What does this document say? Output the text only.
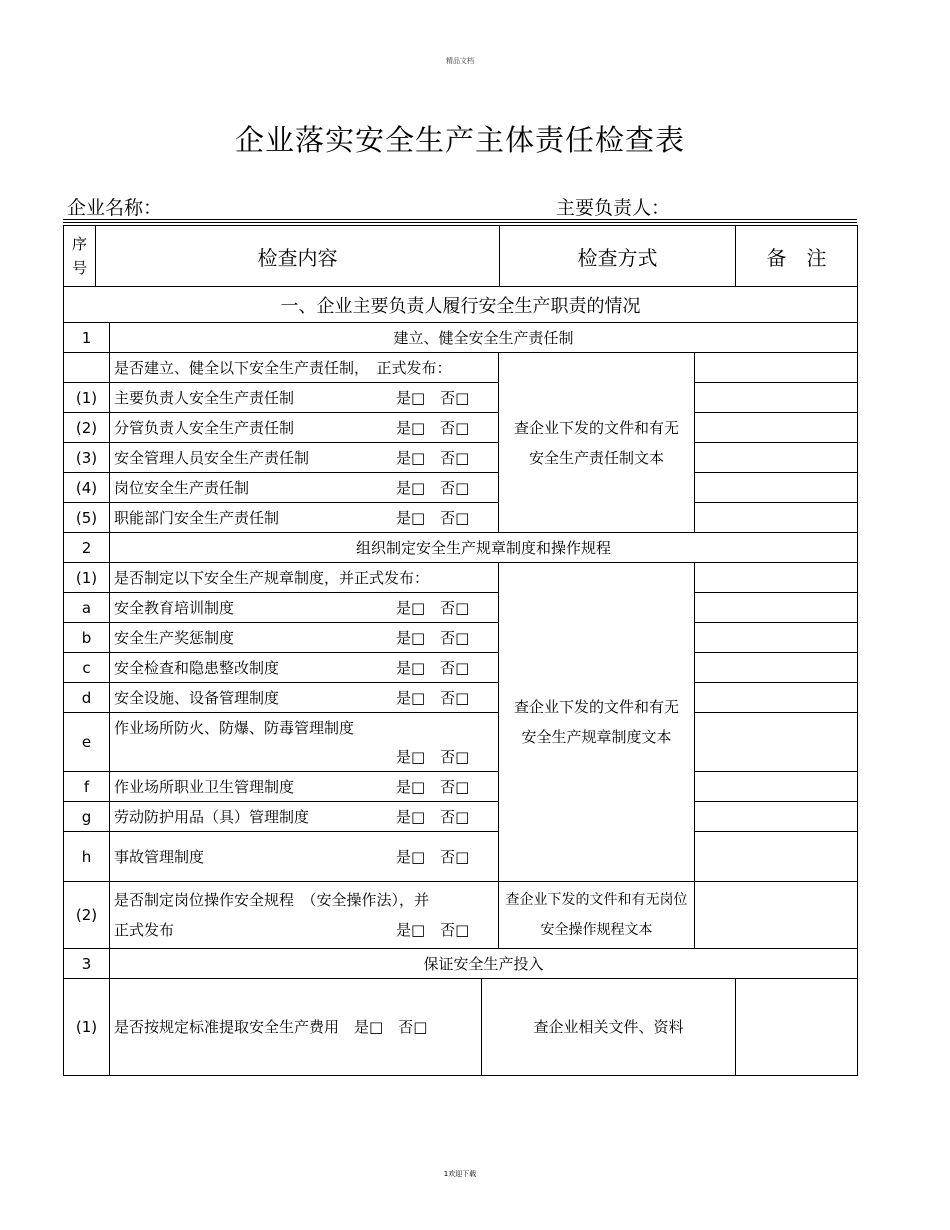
精品文档
企业落实安全生产主体责任检查表
企业名称：	主要负责人：
序号	检查内容	检查方式	备　注
一、企业主要负责人履行安全生产职责的情况			
1	建立、健全安全生产责任制		
	是否建立、健全以下安全生产责任制，　正式发布：	查企业下发的文件和有无安全生产责任制文本	
(1)	主要负责人安全生产责任制 是□　否□		

(2)	分管负责人安全生产责任制 是□　否□		

(3)	安全管理人员安全生产责任制 是□　否□		

(4)	岗位安全生产责任制 是□　否□		

(5)	职能部门安全生产责任制 是□　否□		

2	组织制定安全生产规章制度和操作规程		
(1)	是否制定以下安全生产规章制度，并正式发布：	查企业下发的文件和有无安全生产规章制度文本	
a	安全教育培训制度 是□　否□		

b	安全生产奖惩制度 是□　否□		

c	安全检查和隐患整改制度 是□　否□		

d	安全设施、设备管理制度 是□　否□		

e	作业场所防火、防爆、防毒管理制度
是□　否□		

f	作业场所职业卫生管理制度 是□　否□		

g	劳动防护用品（具）管理制度 是□　否□		

h	事故管理制度 是□　否□		

(2)	是否制定岗位操作安全规程　（安全操作法），并
正式发布 是□　否□	查企业下发的文件和有无岗位安全操作规程文本	
3	保证安全生产投入		
(1)	是否按规定标准提取安全生产费用　 是□　否□	查企业相关文件、资料	
1欢迎下载
